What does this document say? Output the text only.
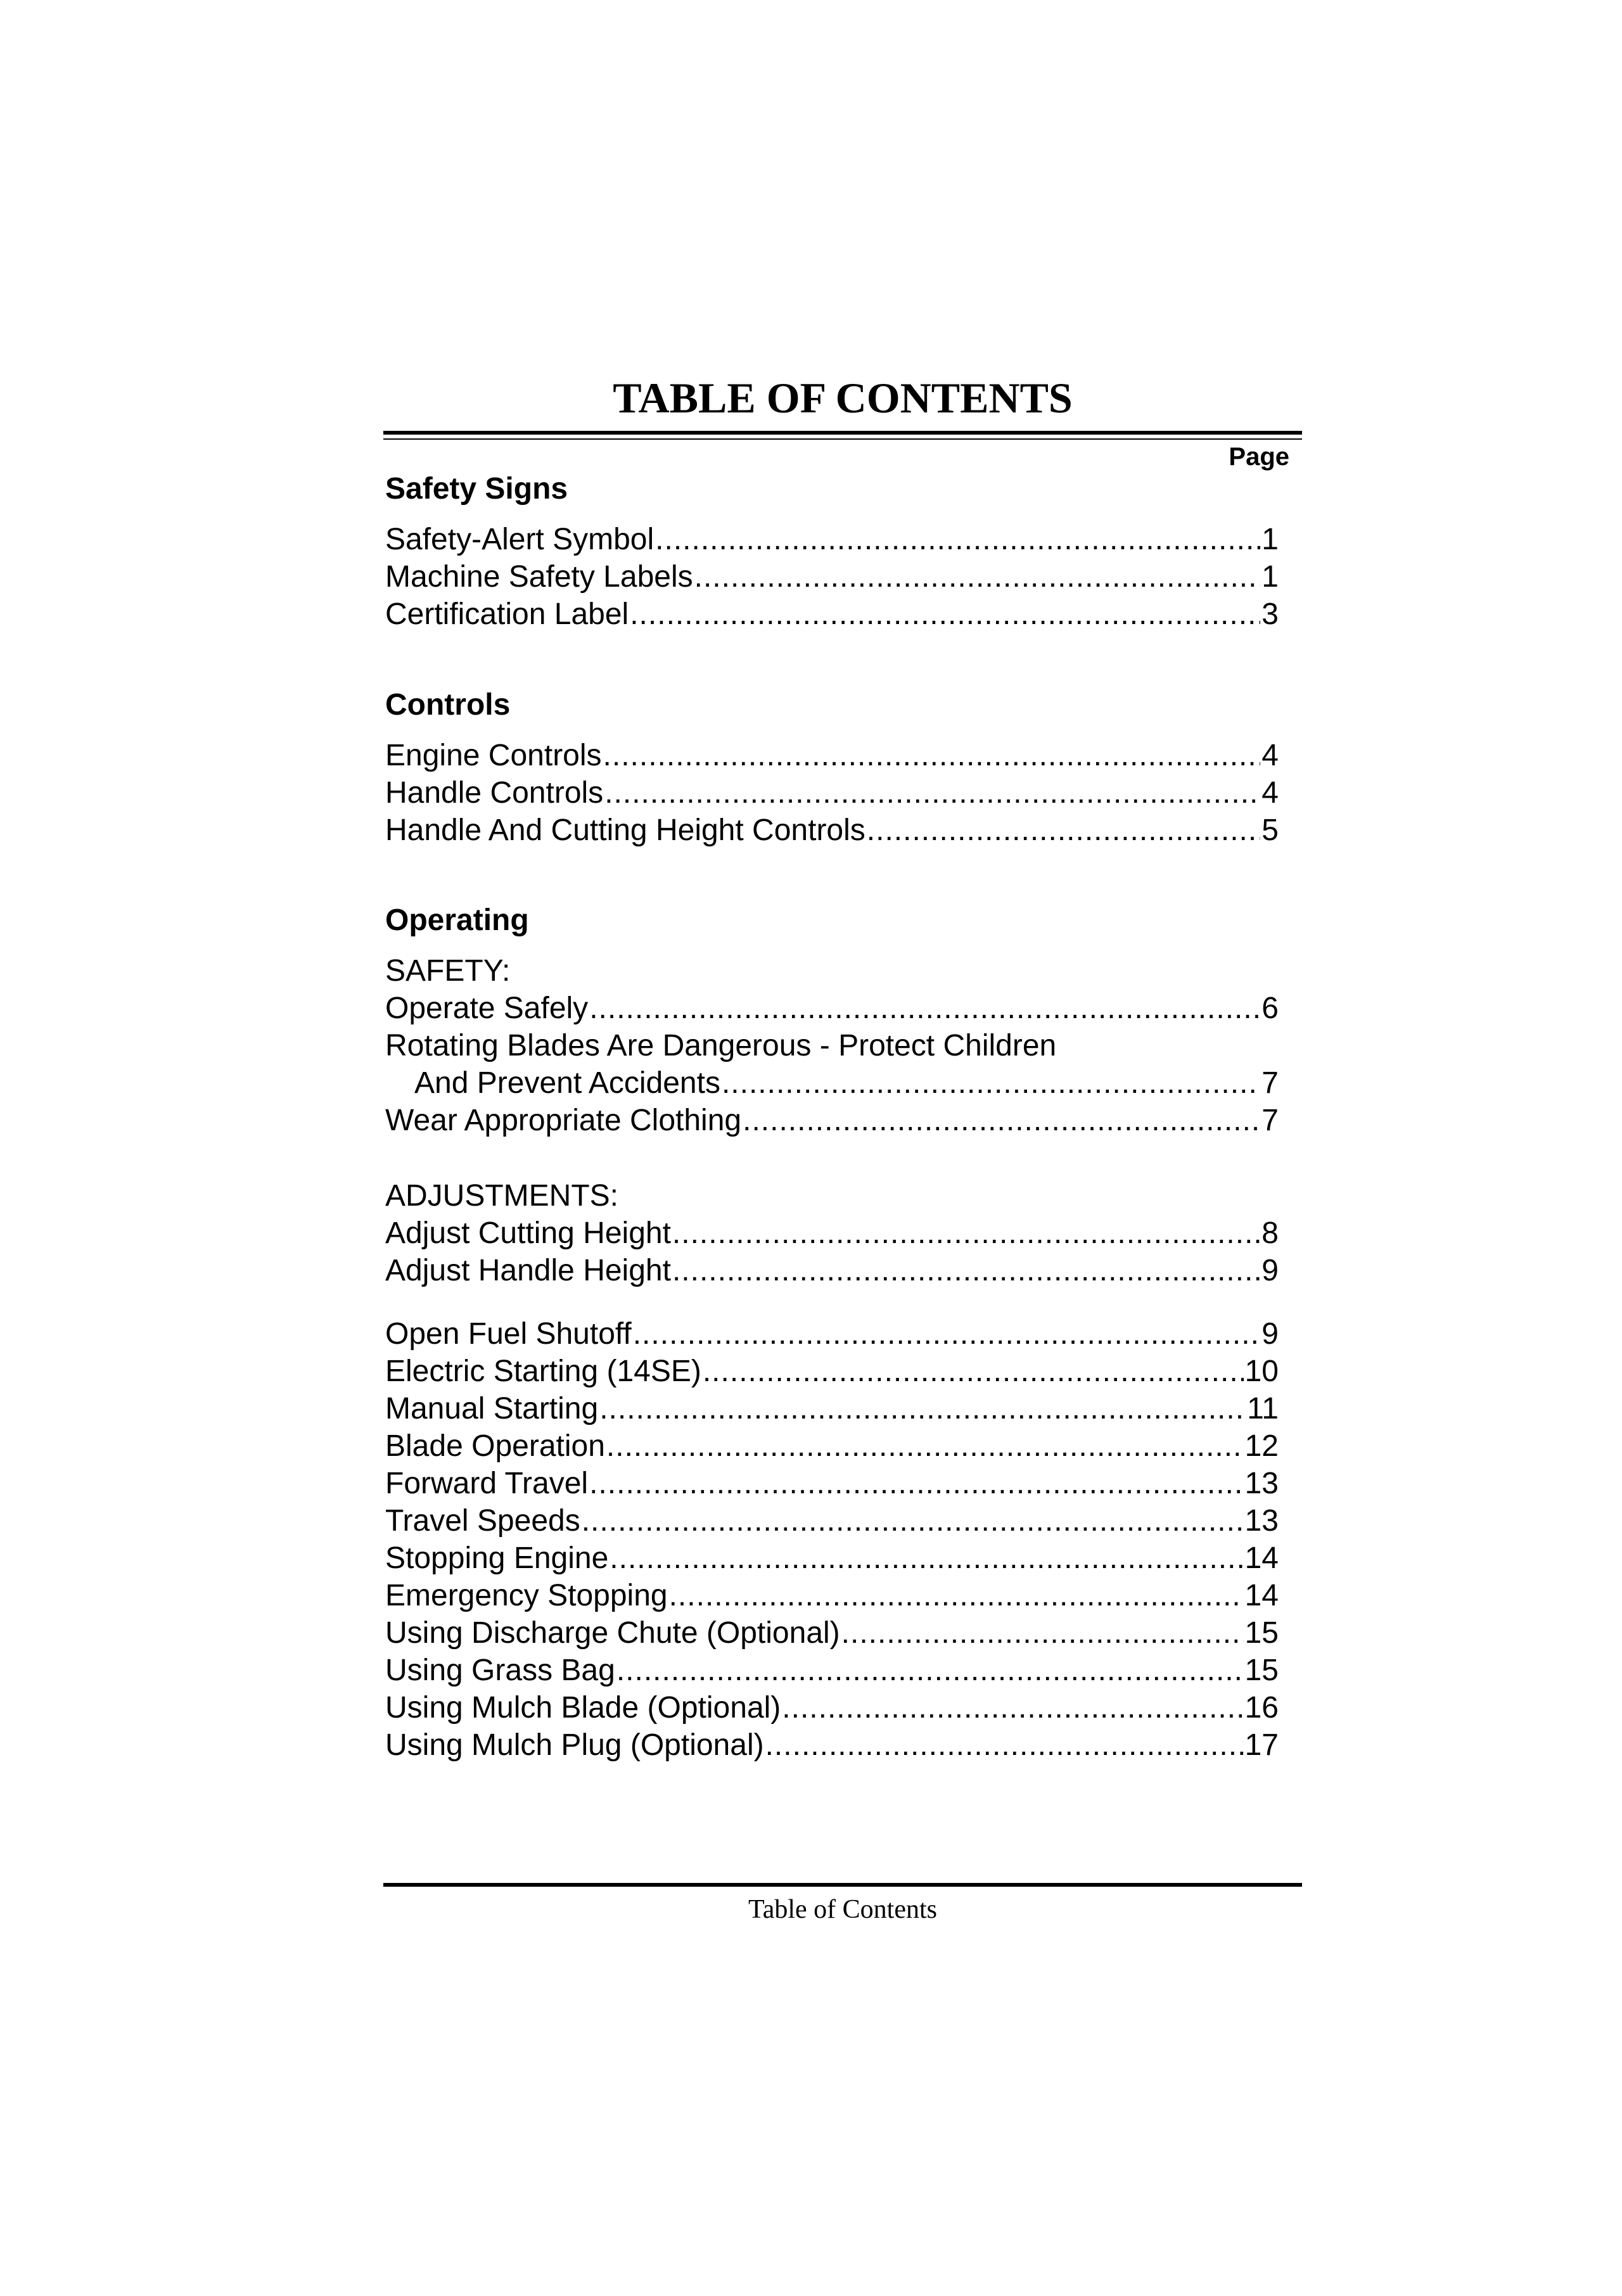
TABLE OF CONTENTS
Page
Safety Signs
Safety-Alert Symbol .....	1
Machine Safety Labels .....	1
Certification Label .....	3
Controls
Engine Controls .....	4
Handle Controls .....	4
Handle And Cutting Height Controls .....	5
Operating
SAFETY:
Operate Safely .....	6
Rotating Blades Are Dangerous - Protect Children
And Prevent Accidents .....	7
Wear Appropriate Clothing .....	7
ADJUSTMENTS:
Adjust Cutting Height .....	8
Adjust Handle Height .....	9
Open Fuel Shutoff .....	9
Electric Starting (14SE) .....	10
Manual Starting .....	11
Blade Operation .....	12
Forward Travel .....	13
Travel Speeds .....	13
Stopping Engine .....	14
Emergency Stopping .....	14
Using Discharge Chute (Optional) .....	15
Using Grass Bag .....	15
Using Mulch Blade (Optional) .....	16
Using Mulch Plug (Optional) .....	17
Table of Contents
